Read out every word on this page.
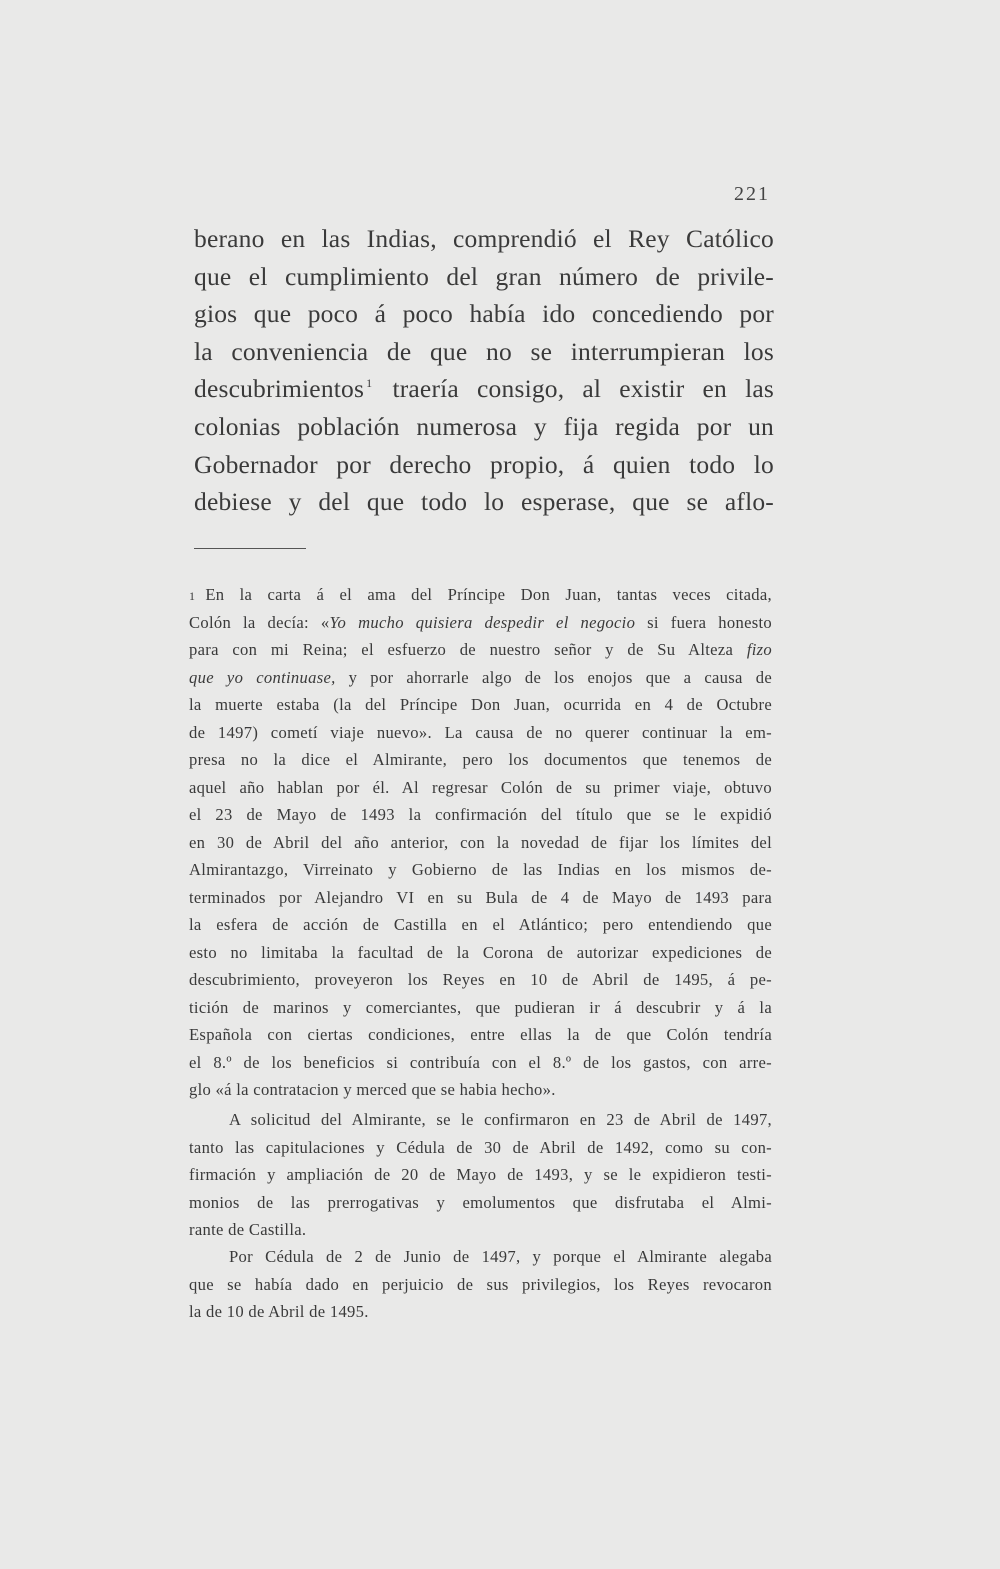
221
berano en las Indias, comprendió el Rey Católico
que el cumplimiento del gran número de privile-
gios que poco á poco había ido concediendo por
la conveniencia de que no se interrumpieran los
descubrimientos $^1$ traería consigo, al existir en las
colonias población numerosa y fija regida por un
Gobernador por derecho propio, á quien todo lo
debiese y del que todo lo esperase, que se aflo-
1 En la carta á el ama del Príncipe Don Juan, tantas veces citada,
Colón la decía: «Yo mucho quisiera despedir el negocio si fuera honesto
para con mi Reina; el esfuerzo de nuestro señor y de Su Alteza fizo
que yo continuase, y por ahorrarle algo de los enojos que a causa de
la muerte estaba (la del Príncipe Don Juan, ocurrida en 4 de Octubre
de 1497) cometí viaje nuevo». La causa de no querer continuar la em-
presa no la dice el Almirante, pero los documentos que tenemos de
aquel año hablan por él. Al regresar Colón de su primer viaje, obtuvo
el 23 de Mayo de 1493 la confirmación del título que se le expidió
en 30 de Abril del año anterior, con la novedad de fijar los límites del
Almirantazgo, Virreinato y Gobierno de las Indias en los mismos de-
terminados por Alejandro VI en su Bula de 4 de Mayo de 1493 para
la esfera de acción de Castilla en el Atlántico; pero entendiendo que
esto no limitaba la facultad de la Corona de autorizar expediciones de
descubrimiento, proveyeron los Reyes en 10 de Abril de 1495, á pe-
tición de marinos y comerciantes, que pudieran ir á descubrir y á la
Española con ciertas condiciones, entre ellas la de que Colón tendría
el 8.º de los beneficios si contribuía con el 8.º de los gastos, con arre-
glo «á la contratacion y merced que se habia hecho».
A solicitud del Almirante, se le confirmaron en 23 de Abril de 1497,
tanto las capitulaciones y Cédula de 30 de Abril de 1492, como su con-
firmación y ampliación de 20 de Mayo de 1493, y se le expidieron testi-
monios de las prerrogativas y emolumentos que disfrutaba el Almi-
rante de Castilla.
Por Cédula de 2 de Junio de 1497, y porque el Almirante alegaba
que se había dado en perjuicio de sus privilegios, los Reyes revocaron
la de 10 de Abril de 1495.
